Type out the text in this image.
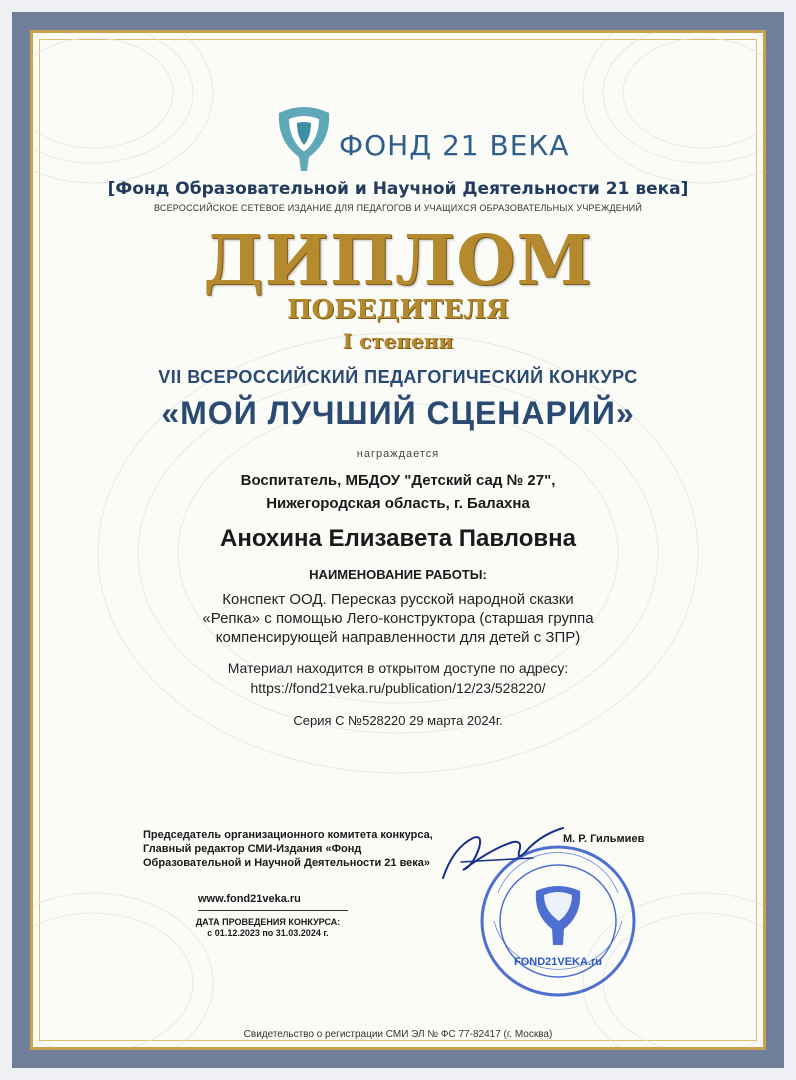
ФОНД 21 ВЕКА
[Фонд Образовательной и Научной Деятельности 21 века]
ВСЕРОССИЙСКОЕ СЕТЕВОЕ ИЗДАНИЕ ДЛЯ ПЕДАГОГОВ И УЧАЩИХСЯ ОБРАЗОВАТЕЛЬНЫХ УЧРЕЖДЕНИЙ
ДИПЛОМ
ПОБЕДИТЕЛЯ
I степени
VII ВСЕРОССИЙСКИЙ ПЕДАГОГИЧЕСКИЙ КОНКУРС
«МОЙ ЛУЧШИЙ СЦЕНАРИЙ»
награждается
Воспитатель, МБДОУ "Детский сад № 27",
Нижегородская область, г. Балахна
Анохина Елизавета Павловна
НАИМЕНОВАНИЕ РАБОТЫ:
Конспект ООД. Пересказ русской народной сказки
«Репка» с помощью Лего-конструктора (старшая группа
компенсирующей направленности для детей с ЗПР)
Материал находится в открытом доступе по адресу:
https://fond21veka.ru/publication/12/23/528220/
Серия С №528220 29 марта 2024г.
Председатель организационного комитета конкурса,
Главный редактор СМИ-Издания «Фонд
Образовательной и Научной Деятельности 21 века»
М. Р. Гильмиев
www.fond21veka.ru
ДАТА ПРОВЕДЕНИЯ КОНКУРСА:
с 01.12.2023 по 31.03.2024 г.
FOND21VEKA.ru
Свидетельство о регистрации СМИ ЭЛ № ФС 77-82417 (г. Москва)
